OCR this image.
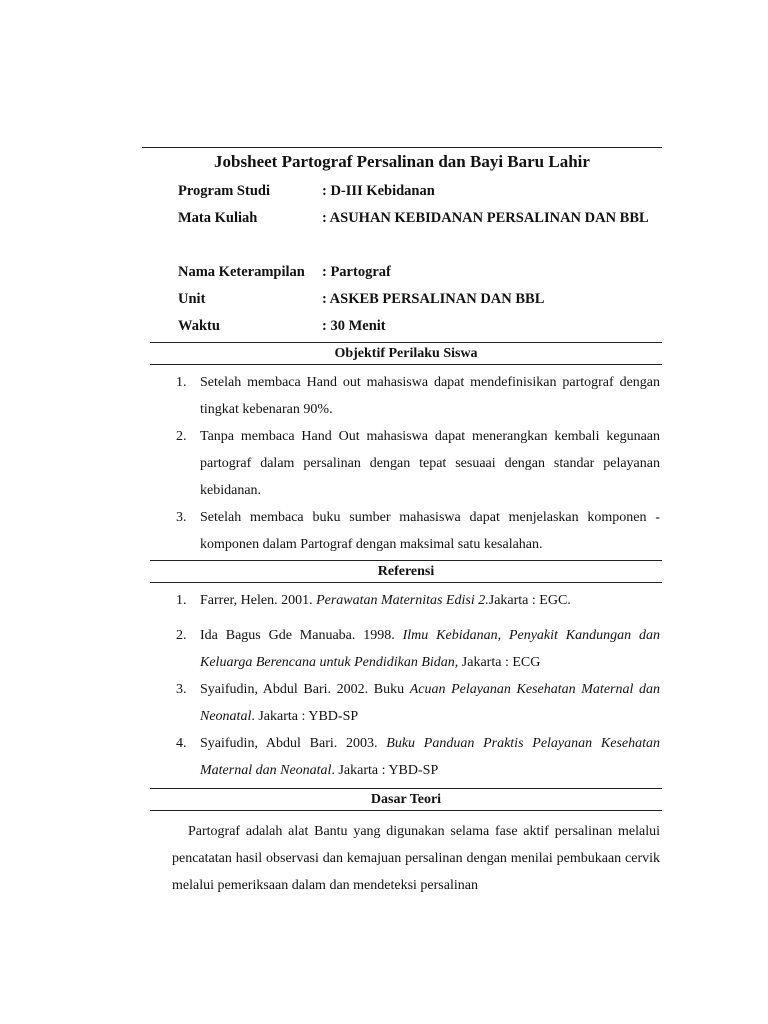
Jobsheet Partograf Persalinan dan Bayi Baru Lahir
Program Studi	: D-III Kebidanan
Mata Kuliah	: ASUHAN KEBIDANAN PERSALINAN DAN BBL
Nama Keterampilan	: Partograf
Unit	: ASKEB PERSALINAN DAN BBL
Waktu	: 30 Menit
Objektif Perilaku Siswa
1. Setelah membaca Hand out mahasiswa dapat mendefinisikan partograf dengan tingkat kebenaran 90%.
2. Tanpa membaca Hand Out mahasiswa dapat menerangkan kembali kegunaan partograf dalam persalinan dengan tepat sesuaai dengan standar pelayanan kebidanan.
3. Setelah membaca buku sumber mahasiswa dapat menjelaskan komponen -komponen dalam Partograf dengan maksimal satu kesalahan.
Referensi
1. Farrer, Helen. 2001. Perawatan Maternitas Edisi 2.Jakarta : EGC.
2. Ida Bagus Gde Manuaba. 1998. Ilmu Kebidanan, Penyakit Kandungan dan Keluarga Berencana untuk Pendidikan Bidan, Jakarta : ECG
3. Syaifudin, Abdul Bari. 2002. Buku Acuan Pelayanan Kesehatan Maternal dan Neonatal. Jakarta : YBD-SP
4. Syaifudin, Abdul Bari. 2003. Buku Panduan Praktis Pelayanan Kesehatan Maternal dan Neonatal. Jakarta : YBD-SP
Dasar Teori
Partograf adalah alat Bantu yang digunakan selama fase aktif persalinan melalui pencatatan hasil observasi dan kemajuan persalinan dengan menilai pembukaan cervik melalui pemeriksaan dalam dan mendeteksi persalinan
